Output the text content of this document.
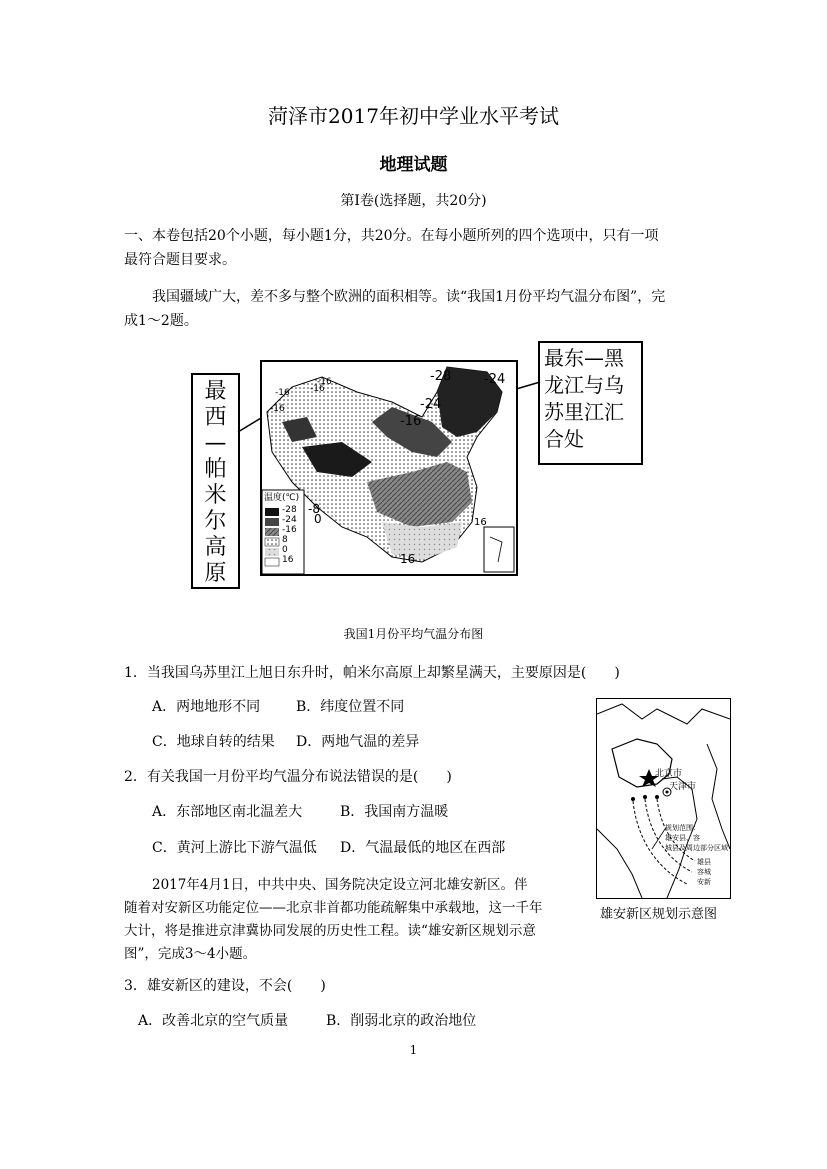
菏泽市2017年初中学业水平考试
地理试题
第Ⅰ卷(选择题，共20分)
一、本卷包括20个小题，每小题1分，共20分。在每小题所列的四个选项中，只有一项
最符合题目要求。
我国疆域广大，差不多与整个欧洲的面积相等。读“我国1月份平均气温分布图”，完
成1～2题。
最
西
—
帕
米
尔
高
原
最东—黑
龙江与乌
苏里江汇
合处
温度(℃)
-28
-24
-16
8
0
16
-28	-24
-24
-16
-16
-16
-16
-16
-8
0	16
16
我国1月份平均气温分布图
1．当我国乌苏里江上旭日东升时，帕米尔高原上却繁星满天，主要原因是(　　)
A．两地地形不同	B．纬度位置不同
C．地球自转的结果 D．两地气温的差异
2．有关我国一月份平均气温分布说法错误的是(　　)
A．东部地区南北温差大	B．我国南方温暖
C．黄河上游比下游气温低 D．气温最低的地区在西部
2017年4月1日，中共中央、国务院决定设立河北雄安新区。伴
随着对安新区功能定位——北京非首都功能疏解集中承载地，这一千年
大计，将是推进京津冀协同发展的历史性工程。读“雄安新区规划示意
图”，完成3～4小题。
北京市
天津市
规划范围：
雄安县、容
城县及周边部分区域
雄县
容城
安新
雄安新区规划示意图
3．雄安新区的建设，不会(　　)
A．改善北京的空气质量	B．削弱北京的政治地位
1
